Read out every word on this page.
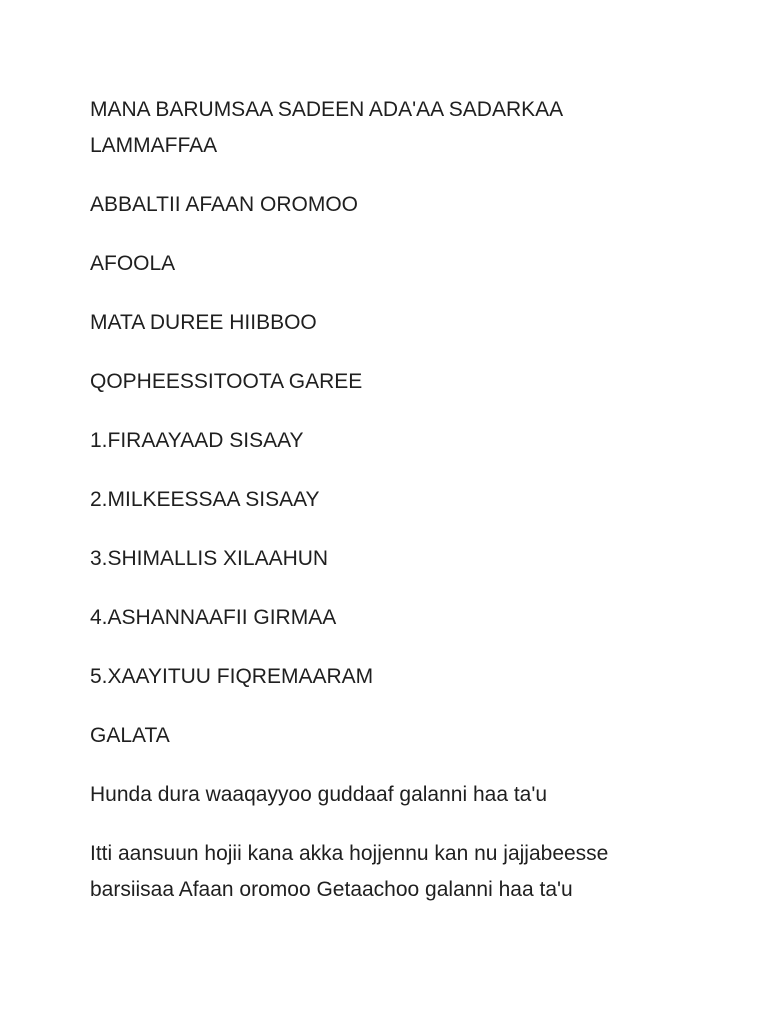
MANA BARUMSAA SADEEN ADA'AA SADARKAA LAMMAFFAA

ABBALTII AFAAN OROMOO

AFOOLA

MATA DUREE HIIBBOO

QOPHEESSITOOTA GAREE

1.FIRAAYAAD SISAAY

2.MILKEESSAA SISAAY

3.SHIMALLIS XILAAHUN

4.ASHANNAAFII GIRMAA

5.XAAYITUU FIQREMAARAM

GALATA

Hunda dura waaqayyoo guddaaf galanni haa ta'u

Itti aansuun hojii kana akka hojjennu kan nu jajjabeesse barsiisaa Afaan oromoo Getaachoo galanni haa ta'u
